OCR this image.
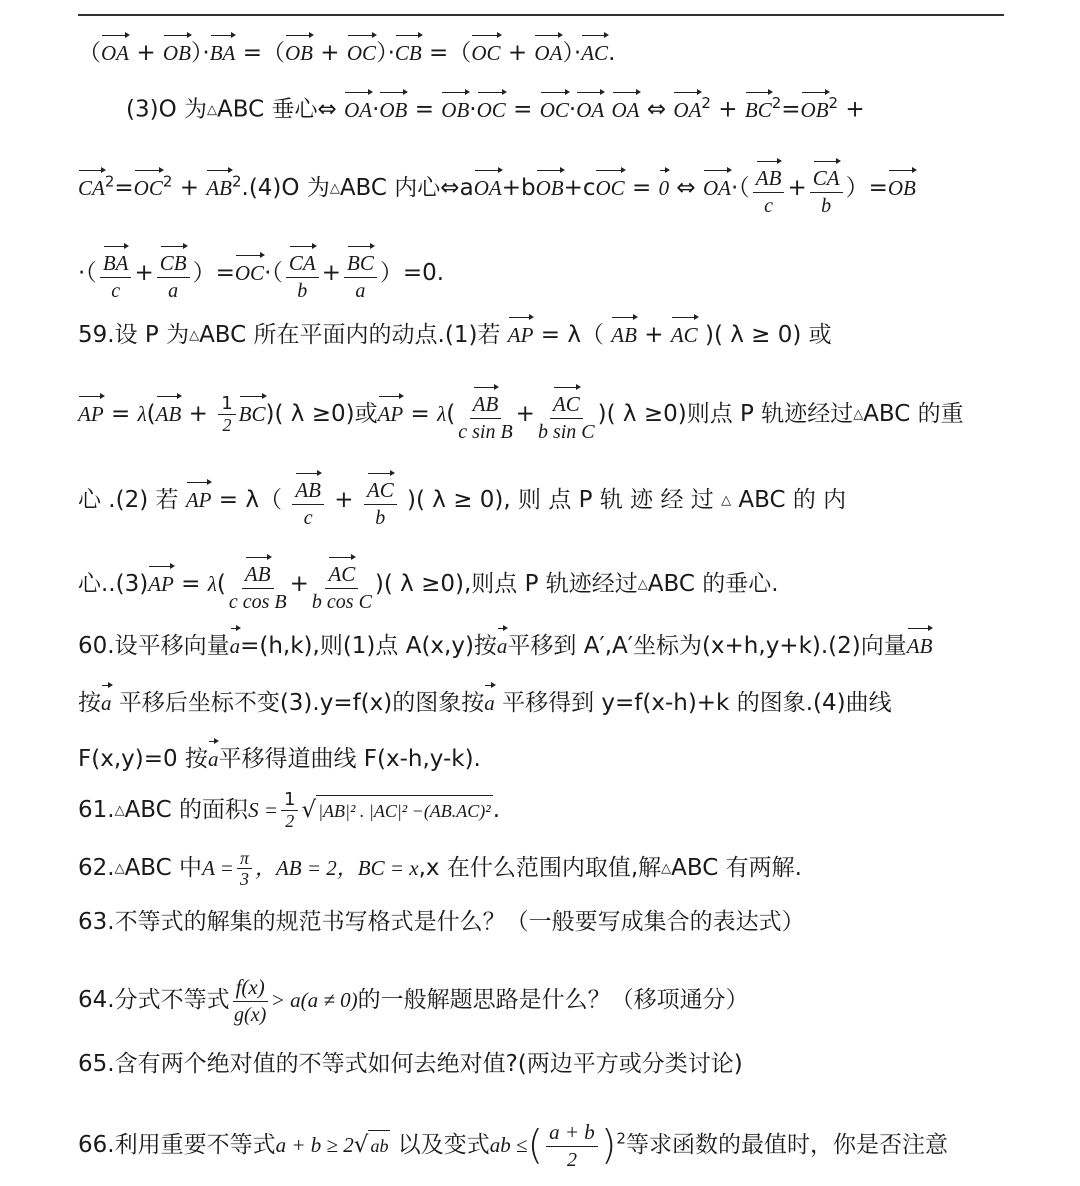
（OA + OB）·BA =（OB + OC）·CB =（OC + OA）·AC.
(3)O 为△ABC 垂心⇔ OA·OB = OB·OC = OC·OA OA ⇔ $OA^2 + BC^2=OB^2$ +
$CA^2=OC^2 + AB^2.(4)O$ 为△ABC 内心⇔aOA+bOB+cOC = 0 ⇔ $OA\cdot( \frac{AB}{c} + \frac{CA}{b} )=OB$
·（ $\frac{BA}{c} + \frac{CB}{a} )=OC\cdot( \frac{CA}{b} + \frac{BC}{a} )=0$.
59.设 P 为△ABC 所在平面内的动点.(1)若 AP = λ（ AB + AC )( λ ≥ 0) 或
AP = $\lambda(AB + \frac{1}{2} BC)$( λ ≥0)或AP = $\lambda( \frac{AB}{\text{c sin B}} + \frac{AC}{\text{b sin C}}$ )( λ ≥0)则点 P 轨迹经过△ABC 的重
心 .(2) 若 AP = $\lambda( \frac{AB}{c} + \frac{AC}{b}$ )( λ ≥ 0), 则 点 P 轨 迹 经 过 △ ABC 的 内
心$..(3)AP = \lambda( \frac{AB}{\text{c cos B}} + \frac{AC}{\text{b cos C}}$ )( λ ≥0),则点 P 轨迹经过△ABC 的垂心.
60.设平移向量a=(h,k),则(1)点 A(x,y)按a平移到 A′,A′坐标为(x+h,y+k).(2)向量AB
按a 平移后坐标不变(3).y=f(x)的图象按a 平移得到 y=f(x-h)+k 的图象.(4)曲线
F(x,y)=0 按a平移得道曲线 F(x-h,y-k).
61.△ABC 的面积$S = \frac{1}{2}$ √ |AB|² . |AC|² −(AB.AC)².
62.△ABC 中$A = \frac{\pi}{3}$ ，AB = 2，BC = x,x 在什么范围内取值,解△ABC 有两解.
63.不等式的解集的规范书写格式是什么？（一般要写成集合的表达式）
64.分式不等式 $\frac{f(x)}{g(x)} > a(a \ne 0)$的一般解题思路是什么？（移项通分）
65.含有两个绝对值的不等式如何去绝对值?(两边平方或分类讨论)
66.利用重要不等式a + b ≥ 2√ ab 以及变式ab ≤( $\frac{a + b}{2} )^2$等求函数的最值时，你是否注意
